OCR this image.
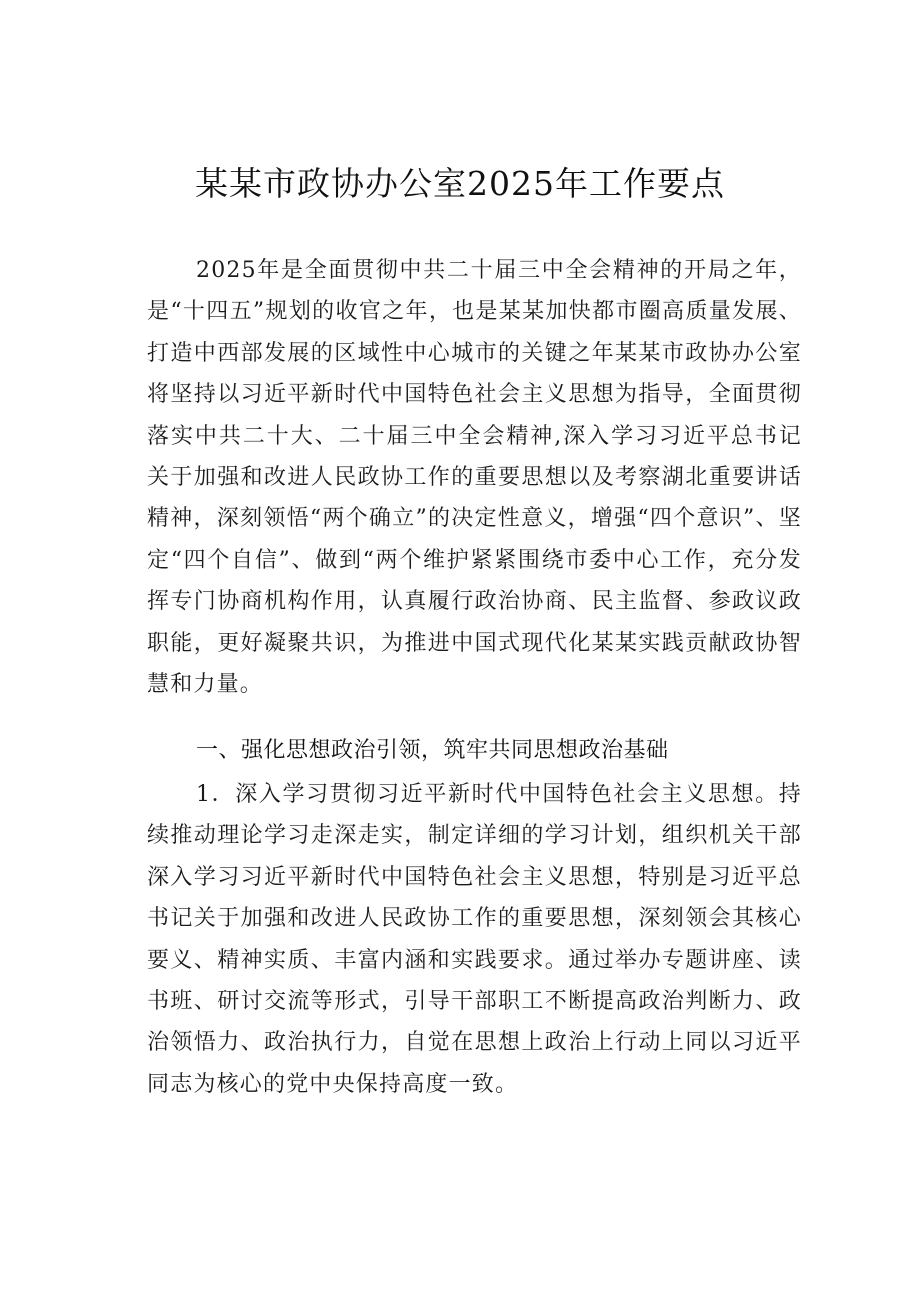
某某市政协办公室2025年工作要点

2025年是全面贯彻中共二十届三中全会精神的开局之年，是“十四五”规划的收官之年，也是某某加快都市圈高质量发展、打造中西部发展的区域性中心城市的关键之年某某市政协办公室将坚持以习近平新时代中国特色社会主义思想为指导，全面贯彻落实中共二十大、二十届三中全会精神,深入学习习近平总书记关于加强和改进人民政协工作的重要思想以及考察湖北重要讲话精神，深刻领悟“两个确立”的决定性意义，增强“四个意识”、坚定“四个自信”、做到“两个维护紧紧围绕市委中心工作，充分发挥专门协商机构作用，认真履行政治协商、民主监督、参政议政职能，更好凝聚共识，为推进中国式现代化某某实践贡献政协智慧和力量。

一、强化思想政治引领，筑牢共同思想政治基础

1．深入学习贯彻习近平新时代中国特色社会主义思想。持续推动理论学习走深走实，制定详细的学习计划，组织机关干部深入学习习近平新时代中国特色社会主义思想，特别是习近平总书记关于加强和改进人民政协工作的重要思想，深刻领会其核心要义、精神实质、丰富内涵和实践要求。通过举办专题讲座、读书班、研讨交流等形式，引导干部职工不断提高政治判断力、政治领悟力、政治执行力，自觉在思想上政治上行动上同以习近平同志为核心的党中央保持高度一致。
